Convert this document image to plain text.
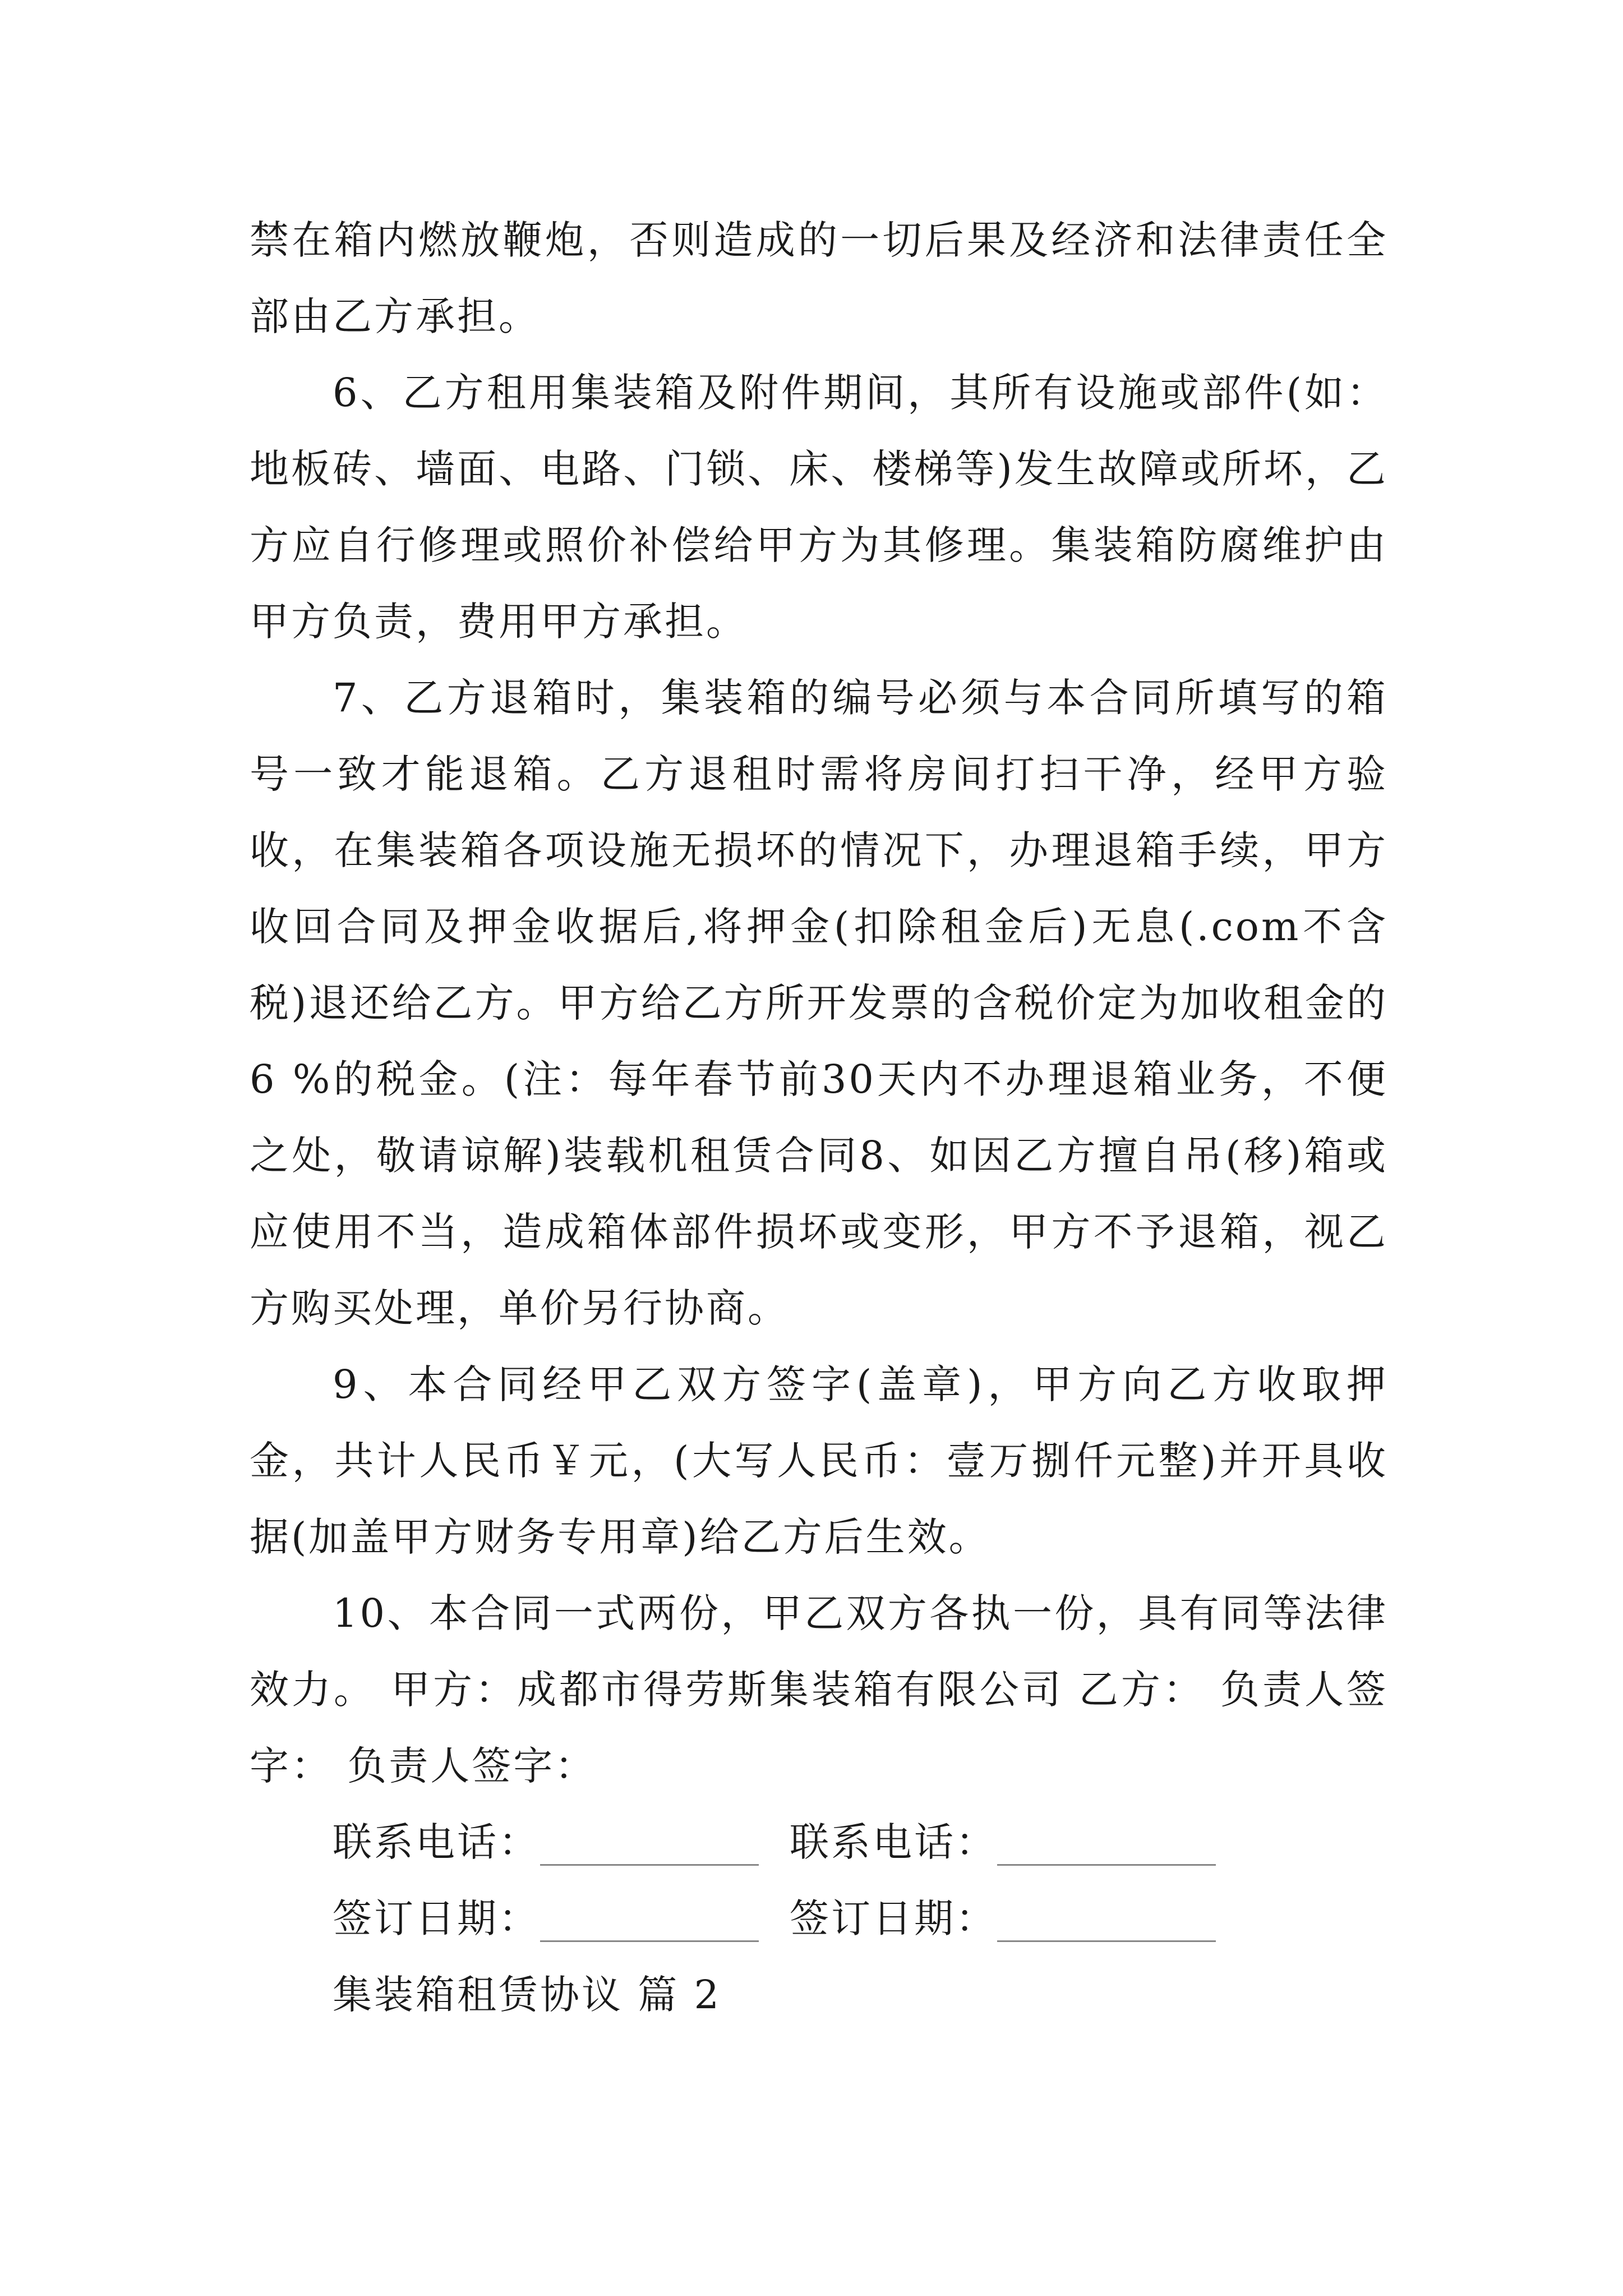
禁在箱内燃放鞭炮，否则造成的一切后果及经济和法律责任全部由乙方承担。

6、乙方租用集装箱及附件期间，其所有设施或部件(如：地板砖、墙面、电路、门锁、床、楼梯等)发生故障或所坏，乙方应自行修理或照价补偿给甲方为其修理。集装箱防腐维护由甲方负责，费用甲方承担。

7、乙方退箱时，集装箱的编号必须与本合同所填写的箱号一致才能退箱。乙方退租时需将房间打扫干净，经甲方验收，在集装箱各项设施无损坏的情况下，办理退箱手续，甲方收回合同及押金收据后,将押金(扣除租金后)无息(.com不含税)退还给乙方。甲方给乙方所开发票的含税价定为加收租金的6 %的税金。(注：每年春节前30天内不办理退箱业务，不便之处，敬请谅解)装载机租赁合同8、如因乙方擅自吊(移)箱或应使用不当，造成箱体部件损坏或变形，甲方不予退箱，视乙方购买处理，单价另行协商。

9、本合同经甲乙双方签字(盖章)，甲方向乙方收取押金，共计人民币￥元，(大写人民币：壹万捌仟元整)并开具收据(加盖甲方财务专用章)给乙方后生效。

10、本合同一式两份，甲乙双方各执一份，具有同等法律效力。 甲方：成都市得劳斯集装箱有限公司 乙方： 负责人签字： 负责人签字：

联系电话：	联系电话：
签订日期：	签订日期：
集装箱租赁协议 篇 2
